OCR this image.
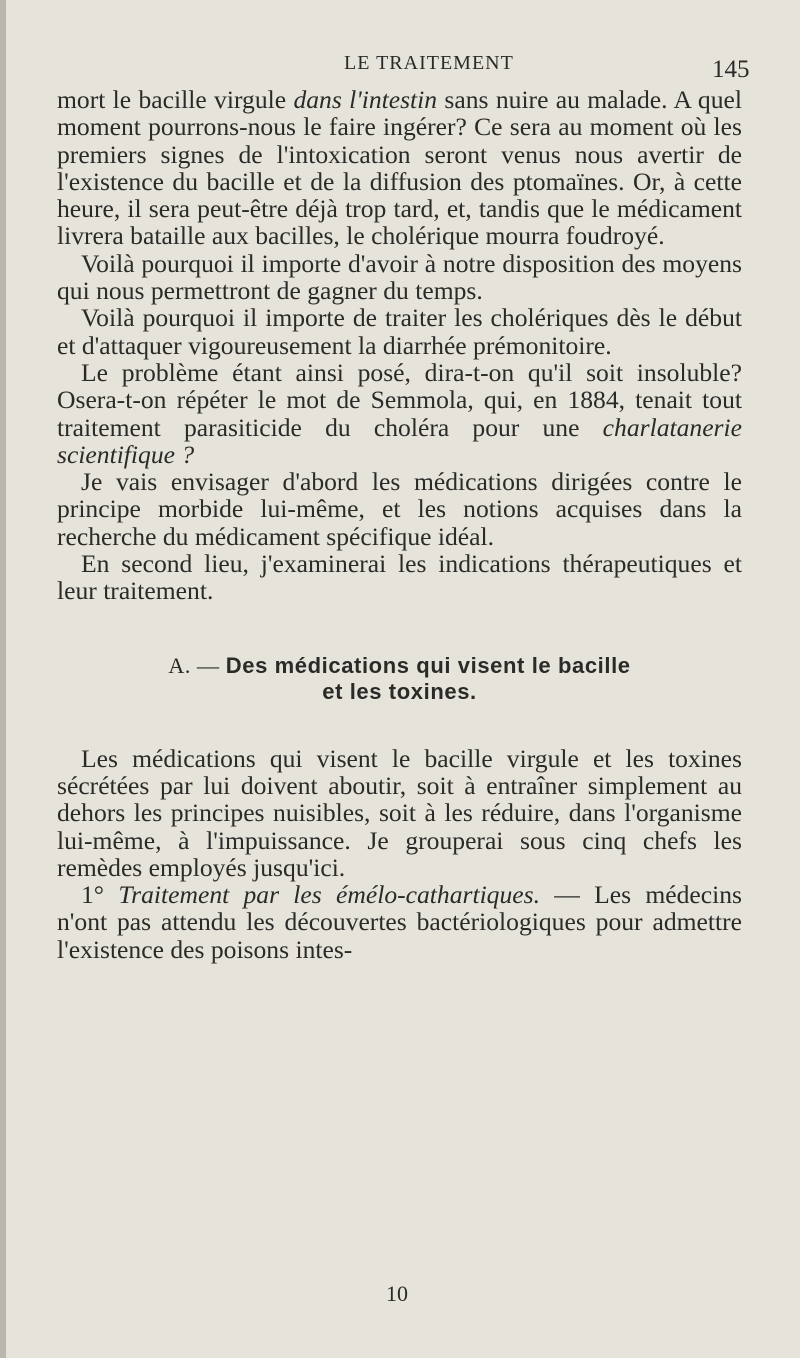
LE TRAITEMENT	145

mort le bacille virgule dans l'intestin sans nuire au malade. A quel moment pourrons-nous le faire ingérer? Ce sera au moment où les premiers signes de l'intoxication seront venus nous avertir de l'existence du bacille et de la diffusion des ptomaïnes. Or, à cette heure, il sera peut-être déjà trop tard, et, tandis que le médicament livrera bataille aux bacilles, le cholérique mourra foudroyé.

Voilà pourquoi il importe d'avoir à notre disposition des moyens qui nous permettront de gagner du temps.

Voilà pourquoi il importe de traiter les cholériques dès le début et d'attaquer vigoureusement la diarrhée prémonitoire.

Le problème étant ainsi posé, dira-t-on qu'il soit insoluble? Osera-t-on répéter le mot de Semmola, qui, en 1884, tenait tout traitement parasiticide du choléra pour une charlatanerie scientifique ?

Je vais envisager d'abord les médications dirigées contre le principe morbide lui-même, et les notions acquises dans la recherche du médicament spécifique idéal.

En second lieu, j'examinerai les indications thérapeutiques et leur traitement.

A. — Des médications qui visent le bacille
et les toxines.

Les médications qui visent le bacille virgule et les toxines sécrétées par lui doivent aboutir, soit à entraîner simplement au dehors les principes nuisibles, soit à les réduire, dans l'organisme lui-même, à l'impuissance. Je grouperai sous cinq chefs les remèdes employés jusqu'ici.

1° Traitement par les émélo-cathartiques. — Les médecins n'ont pas attendu les découvertes bactériologiques pour admettre l'existence des poisons intes-

10
